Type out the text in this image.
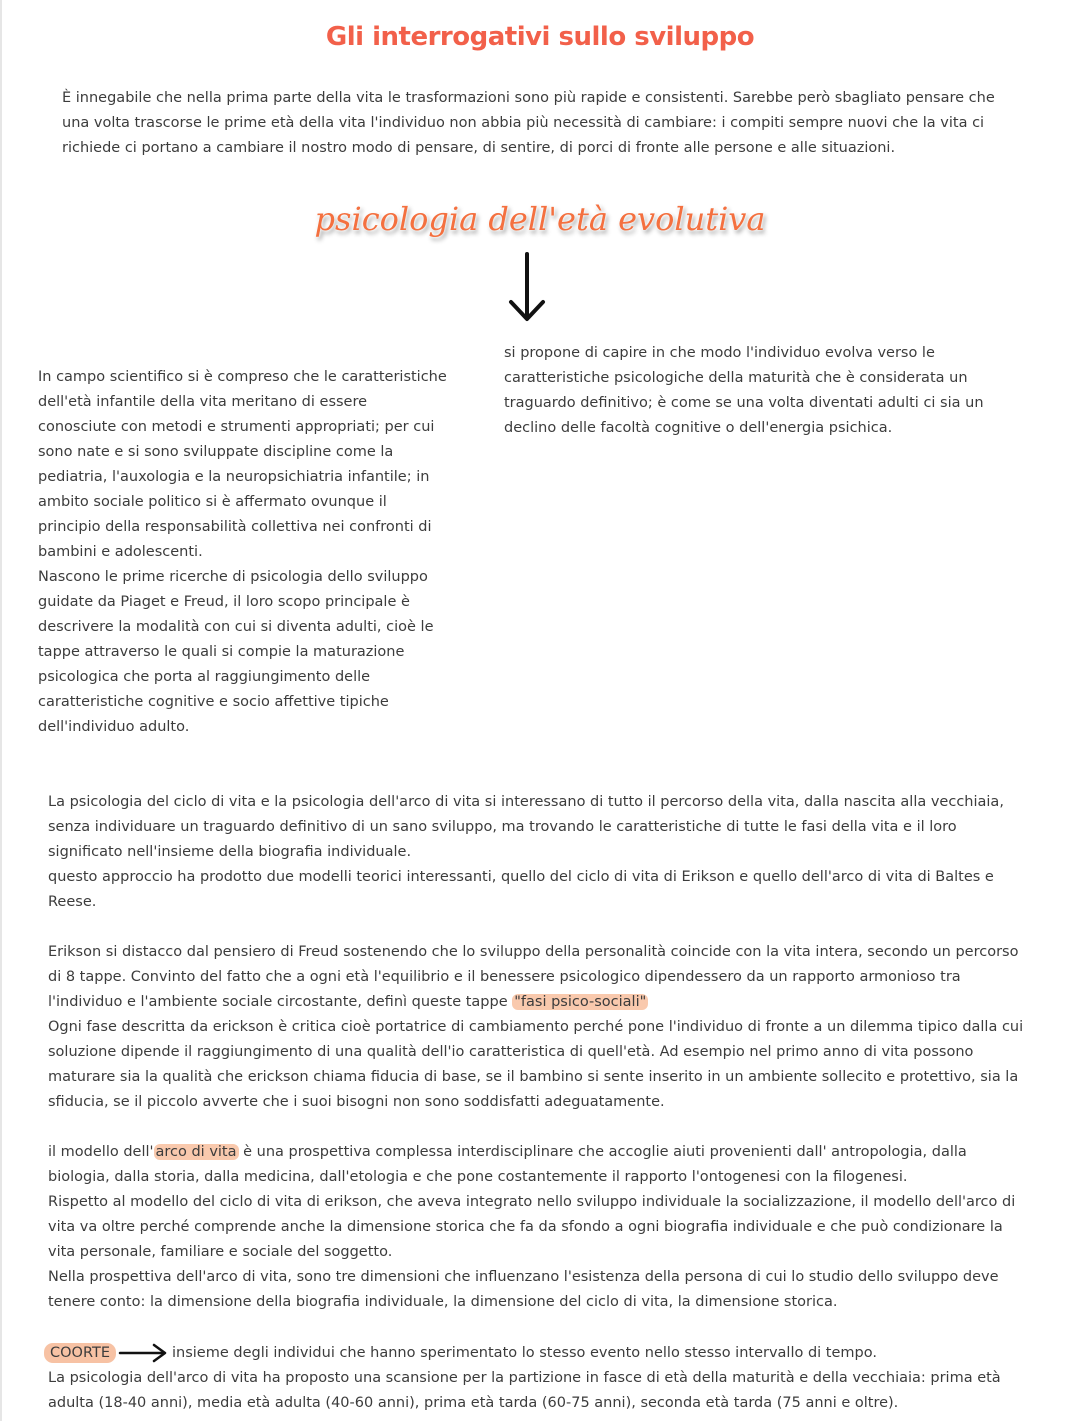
Gli interrogativi sullo sviluppo
È innegabile che nella prima parte della vita le trasformazioni sono più rapide e consistenti. Sarebbe però sbagliato pensare che una volta trascorse le prime età della vita l'individuo non abbia più necessità di cambiare: i compiti sempre nuovi che la vita ci richiede ci portano a cambiare il nostro modo di pensare, di sentire, di porci di fronte alle persone e alle situazioni.
psicologia dell'età evolutiva
si propone di capire in che modo l'individuo evolva verso le caratteristiche psicologiche della maturità che è considerata un traguardo definitivo; è come se una volta diventati adulti ci sia un declino delle facoltà cognitive o dell'energia psichica.
In campo scientifico si è compreso che le caratteristiche dell'età infantile della vita meritano di essere conosciute con metodi e strumenti appropriati; per cui sono nate e si sono sviluppate discipline come la pediatria, l'auxologia e la neuropsichiatria infantile; in ambito sociale politico si è affermato ovunque il principio della responsabilità collettiva nei confronti di bambini e adolescenti.
Nascono le prime ricerche di psicologia dello sviluppo guidate da Piaget e Freud, il loro scopo principale è descrivere la modalità con cui si diventa adulti, cioè le tappe attraverso le quali si compie la maturazione psicologica che porta al raggiungimento delle caratteristiche cognitive e socio affettive tipiche dell'individuo adulto.
La psicologia del ciclo di vita e la psicologia dell'arco di vita si interessano di tutto il percorso della vita, dalla nascita alla vecchiaia, senza individuare un traguardo definitivo di un sano sviluppo, ma trovando le caratteristiche di tutte le fasi della vita e il loro significato nell'insieme della biografia individuale.
questo approccio ha prodotto due modelli teorici interessanti, quello del ciclo di vita di Erikson e quello dell'arco di vita di Baltes e Reese.
Erikson si distacco dal pensiero di Freud sostenendo che lo sviluppo della personalità coincide con la vita intera, secondo un percorso di 8 tappe. Convinto del fatto che a ogni età l'equilibrio e il benessere psicologico dipendessero da un rapporto armonioso tra l'individuo e l'ambiente sociale circostante, definì queste tappe "fasi psico-sociali"
Ogni fase descritta da erickson è critica cioè portatrice di cambiamento perché pone l'individuo di fronte a un dilemma tipico dalla cui soluzione dipende il raggiungimento di una qualità dell'io caratteristica di quell'età. Ad esempio nel primo anno di vita possono maturare sia la qualità che erickson chiama fiducia di base, se il bambino si sente inserito in un ambiente sollecito e protettivo, sia la sfiducia, se il piccolo avverte che i suoi bisogni non sono soddisfatti adeguatamente.
il modello dell' arco di vita è una prospettiva complessa interdisciplinare che accoglie aiuti provenienti dall' antropologia, dalla biologia, dalla storia, dalla medicina, dall'etologia e che pone costantemente il rapporto l'ontogenesi con la filogenesi.
Rispetto al modello del ciclo di vita di erikson, che aveva integrato nello sviluppo individuale la socializzazione, il modello dell'arco di vita va oltre perché comprende anche la dimensione storica che fa da sfondo a ogni biografia individuale e che può condizionare la vita personale, familiare e sociale del soggetto.
Nella prospettiva dell'arco di vita, sono tre dimensioni che influenzano l'esistenza della persona di cui lo studio dello sviluppo deve tenere conto: la dimensione della biografia individuale, la dimensione del ciclo di vita, la dimensione storica.
COORTE	insieme degli individui che hanno sperimentato lo stesso evento nello stesso intervallo di tempo.
La psicologia dell'arco di vita ha proposto una scansione per la partizione in fasce di età della maturità e della vecchiaia: prima età adulta (18-40 anni), media età adulta (40-60 anni), prima età tarda (60-75 anni), seconda età tarda (75 anni e oltre).
